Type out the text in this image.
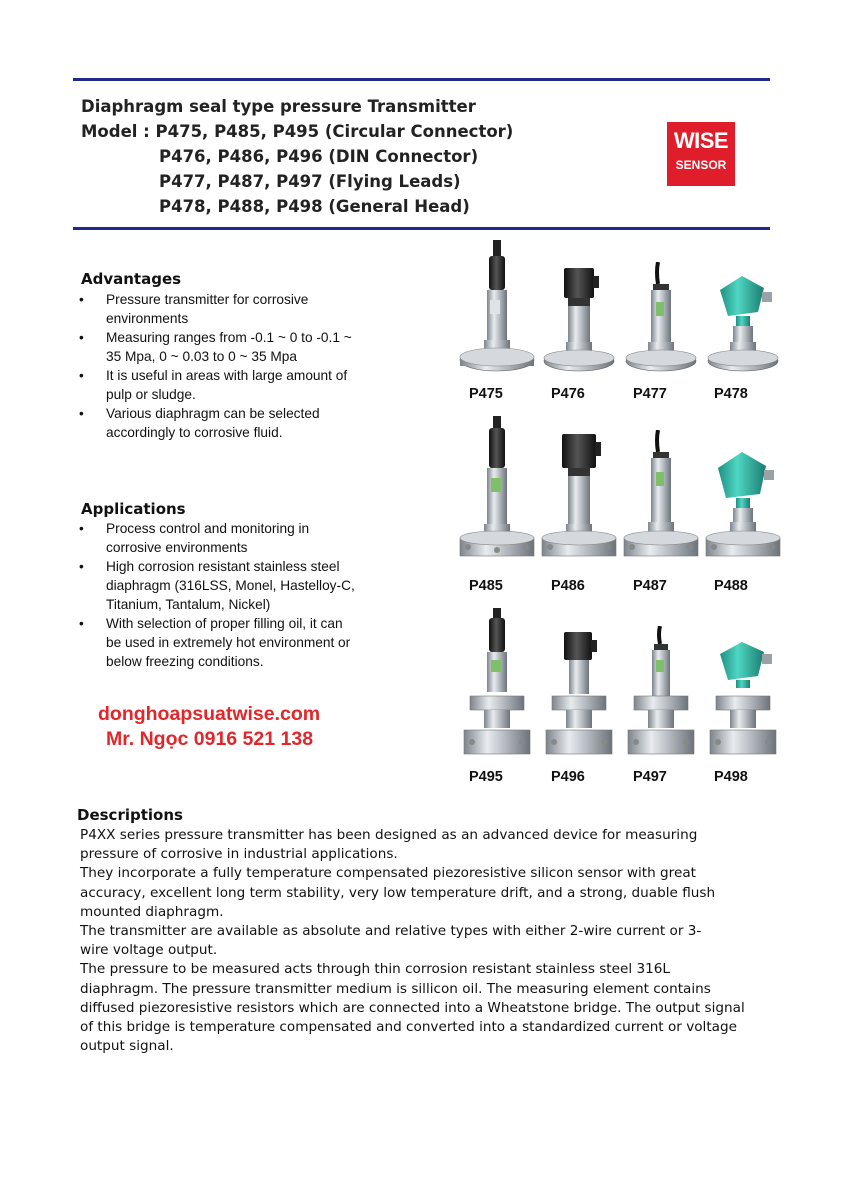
Diaphragm seal type pressure Transmitter
Model : P475, P485, P495 (Circular Connector)
P476, P486, P496 (DIN Connector)
P477, P487, P497 (Flying Leads)
P478, P488, P498 (General Head)
WISE
SENSOR
Advantages
• Pressure transmitter for corrosive environments
• Measuring ranges from -0.1 ~ 0 to -0.1 ~ 35 Mpa, 0 ~ 0.03 to 0 ~ 35 Mpa
• It is useful in areas with large amount of pulp or sludge.
• Various diaphragm can be selected accordingly to corrosive fluid.
Applications
• Process control and monitoring in corrosive environments
• High corrosion resistant stainless steel diaphragm (316LSS, Monel, Hastelloy-C, Titanium, Tantalum, Nickel)
• With selection of proper filling oil, it can be used in extremely hot environment or below freezing conditions.
donghoapsuatwise.com
Mr. Ngọc 0916 521 138
P475	P476	P477	P478
P485	P486	P487	P488
P495	P496	P497	P498
Descriptions

P4XX series pressure transmitter has been designed as an advanced device for measuring pressure of corrosive in industrial applications.

They incorporate a fully temperature compensated piezoresistive silicon sensor with great accuracy, excellent long term stability, very low temperature drift, and a strong, duable flush mounted diaphragm.

The transmitter are available as absolute and relative types with either 2-wire current or 3-wire voltage output.

The pressure to be measured acts through thin corrosion resistant stainless steel 316L diaphragm. The pressure transmitter medium is sillicon oil. The measuring element contains diffused piezoresistive resistors which are connected into a Wheatstone bridge. The output signal of this bridge is temperature compensated and converted into a standardized current or voltage output signal.
